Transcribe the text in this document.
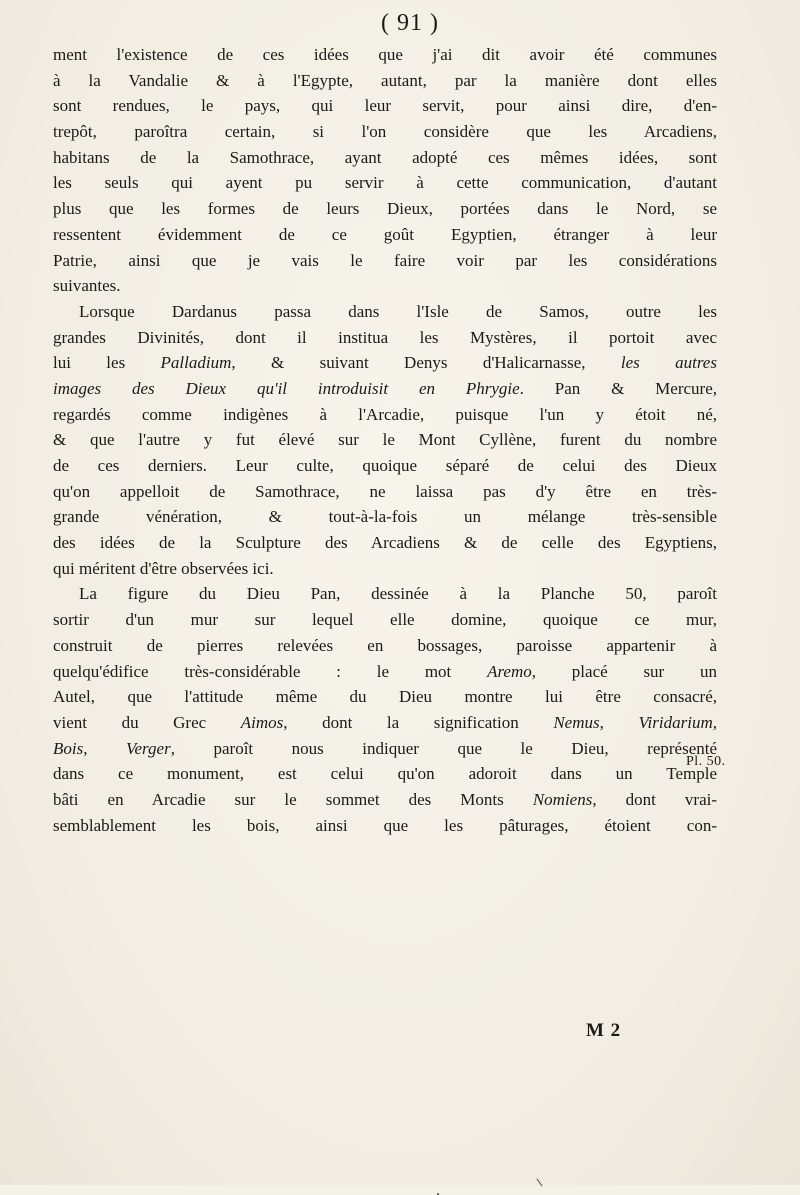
( 91 )
ment l'existence de ces idées que j'ai dit avoir été communes
à la Vandalie & à l'Egypte, autant, par la manière dont elles
sont rendues, le pays, qui leur servit, pour ainsi dire, d'en-
trepôt, paroîtra certain, si l'on considère que les Arcadiens,
habitans de la Samothrace, ayant adopté ces mêmes idées, sont
les seuls qui ayent pu servir à cette communication, d'autant
plus que les formes de leurs Dieux, portées dans le Nord, se
ressentent évidemment de ce goût Egyptien, étranger à leur
Patrie, ainsi que je vais le faire voir par les considérations
suivantes.
Lorsque Dardanus passa dans l'Isle de Samos, outre les
grandes Divinités, dont il institua les Mystères, il portoit avec
lui les Palladium, & suivant Denys d'Halicarnasse, les autres
images des Dieux qu'il introduisit en Phrygie. Pan & Mercure,
regardés comme indigènes à l'Arcadie, puisque l'un y étoit né,
& que l'autre y fut élevé sur le Mont Cyllène, furent du nombre
de ces derniers. Leur culte, quoique séparé de celui des Dieux
qu'on appelloit de Samothrace, ne laissa pas d'y être en très-
grande vénération, & tout-à-la-fois un mélange très-sensible
des idées de la Sculpture des Arcadiens & de celle des Egyptiens,
qui méritent d'être observées ici.
La figure du Dieu Pan, dessinée à la Planche 50, paroît
sortir d'un mur sur lequel elle domine, quoique ce mur,
construit de pierres relevées en bossages, paroisse appartenir à
quelqu'édifice très-considérable : le mot Aremo, placé sur un
Autel, que l'attitude même du Dieu montre lui être consacré,
vient du Grec Aimos, dont la signification Nemus, Viridarium,
Bois, Verger, paroît nous indiquer que le Dieu, représenté
dans ce monument, est celui qu'on adoroit dans un Temple
bâti en Arcadie sur le sommet des Monts Nomiens, dont vrai-
semblablement les bois, ainsi que les pâturages, étoient con-
Pl. 50.
M 2
